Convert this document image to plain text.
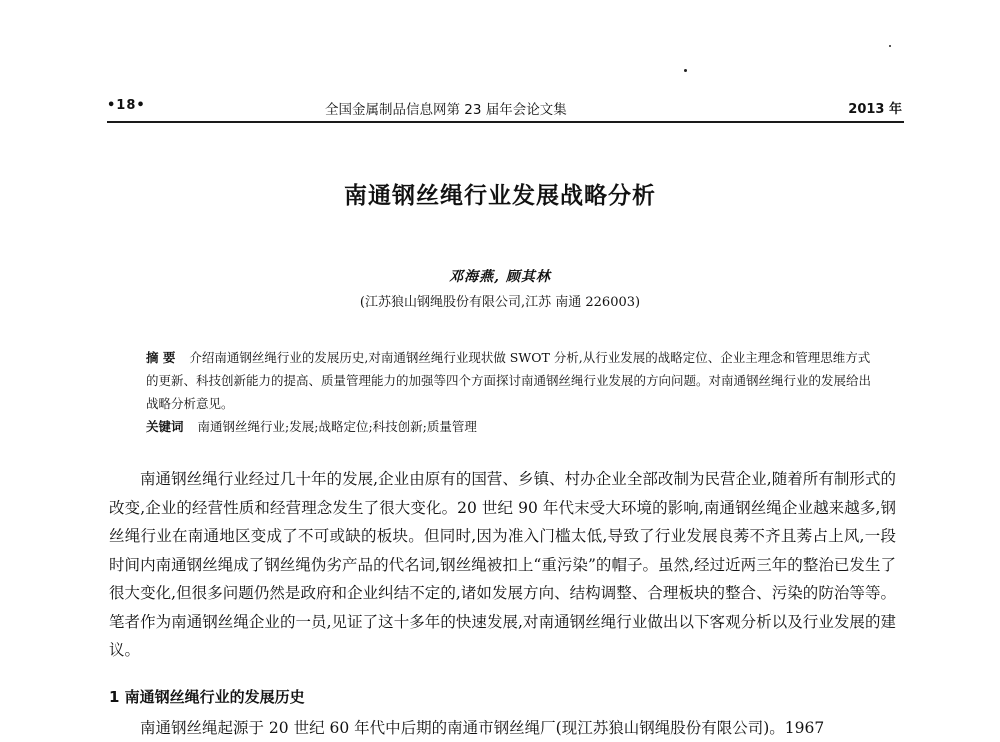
•18•	全国金属制品信息网第 23 届年会论文集	2013 年
南通钢丝绳行业发展战略分析
邓海燕, 顾其林
(江苏狼山钢绳股份有限公司,江苏 南通 226003)
摘 要 介绍南通钢丝绳行业的发展历史,对南通钢丝绳行业现状做 SWOT 分析,从行业发展的战略定位、企业主理念和管理思维方式的更新、科技创新能力的提高、质量管理能力的加强等四个方面探讨南通钢丝绳行业发展的方向问题。对南通钢丝绳行业的发展给出战略分析意见。
关键词 南通钢丝绳行业;发展;战略定位;科技创新;质量管理
南通钢丝绳行业经过几十年的发展,企业由原有的国营、乡镇、村办企业全部改制为民营企业,随着所有制形式的改变,企业的经营性质和经营理念发生了很大变化。20 世纪 90 年代末受大环境的影响,南通钢丝绳企业越来越多,钢丝绳行业在南通地区变成了不可或缺的板块。但同时,因为准入门槛太低,导致了行业发展良莠不齐且莠占上风,一段时间内南通钢丝绳成了钢丝绳伪劣产品的代名词,钢丝绳被扣上“重污染”的帽子。虽然,经过近两三年的整治已发生了很大变化,但很多问题仍然是政府和企业纠结不定的,诸如发展方向、结构调整、合理板块的整合、污染的防治等等。笔者作为南通钢丝绳企业的一员,见证了这十多年的快速发展,对南通钢丝绳行业做出以下客观分析以及行业发展的建议。
1 南通钢丝绳行业的发展历史
南通钢丝绳起源于 20 世纪 60 年代中后期的南通市钢丝绳厂(现江苏狼山钢绳股份有限公司)。1967
